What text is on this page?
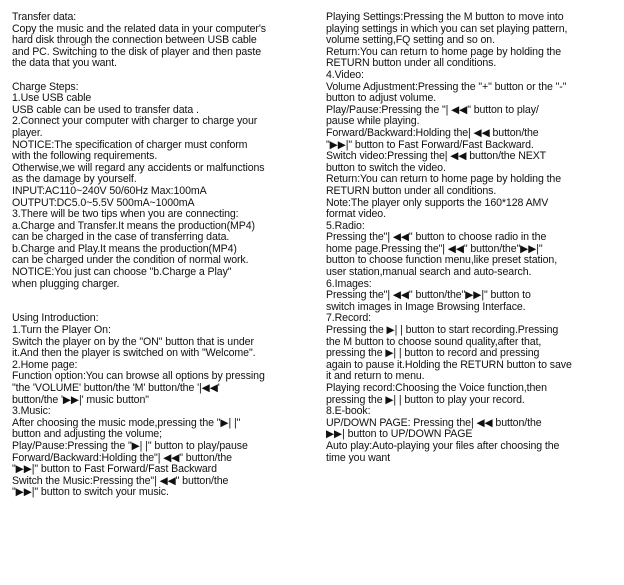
Transfer data:
Copy the music and the related data in your computer's
hard disk through the connection between USB cable
and PC. Switching to the disk of player and then paste
the data that you want.
Charge Steps:
1.Use USB cable
USB cable can be used to transfer data .
2.Connect your computer with charger to charge your
player.
NOTICE:The specification of charger must conform
with the following requirements.
Otherwise,we will regard any accidents or malfunctions
as the damage by yourself.
INPUT:AC110~240V 50/60Hz Max:100mA
OUTPUT:DC5.0~5.5V 500mA~1000mA
3.There will be two tips when you are connecting:
a.Charge and Transfer.It means the production(MP4)
can be charged in the case of transferring data.
b.Charge and Play.It means the production(MP4)
can be charged under the condition of normal work.
NOTICE:You just can choose "b.Charge a Play"
when plugging charger.
Using Introduction:
1.Turn the Player On:
Switch the player on by the "ON" button that is under
it.And then the player is switched on with "Welcome".
2.Home page:
Function option:You can browse all options by pressing
"the 'VOLUME' button/the 'M' button/the '|◀◀'
button/the '▶▶|' music button"
3.Music:
After choosing the music mode,pressing the "▶| |"
button and adjusting the volume;
Play/Pause:Pressing the "▶| |" button to play/pause
Forward/Backward:Holding the"| ◀◀" button/the
"▶▶|" button to Fast Forward/Fast Backward
Switch the Music:Pressing the"| ◀◀" button/the
"▶▶|" button to switch your music.
Playing Settings:Pressing the M button to move into
playing settings in which you can set playing pattern,
volume setting,FQ setting and so on.
Return:You can return to home page by holding the
RETURN button under all conditions.
4.Video:
Volume Adjustment:Pressing the "+" button or the "-"
button to adjust volume.
Play/Pause:Pressing the "| ◀◀" button to play/
pause while playing.
Forward/Backward:Holding the| ◀◀ button/the
"▶▶|" button to Fast Forward/Fast Backward.
Switch video:Pressing the| ◀◀ button/the NEXT
button to switch the video.
Return:You can return to home page by holding the
RETURN button under all conditions.
Note:The player only supports the 160*128 AMV
format video.
5.Radio:
Pressing the"| ◀◀" button to choose radio in the
home page.Pressing the"| ◀◀" button/the"▶▶|"
button to choose function menu,like preset station,
user station,manual search and auto-search.
6.Images:
Pressing the"| ◀◀" button/the"▶▶|" button to
switch images in Image Browsing Interface.
7.Record:
Pressing the ▶| | button to start recording.Pressing
the M button to choose sound quality,after that,
pressing the ▶| | button to record and pressing
again to pause it.Holding the RETURN button to save
it and return to menu.
Playing record:Choosing the Voice function,then
pressing the ▶| | button to play your record.
8.E-book:
UP/DOWN PAGE: Pressing the| ◀◀ button/the
▶▶| button to UP/DOWN PAGE
Auto play:Auto-playing your files after choosing the
time you want
